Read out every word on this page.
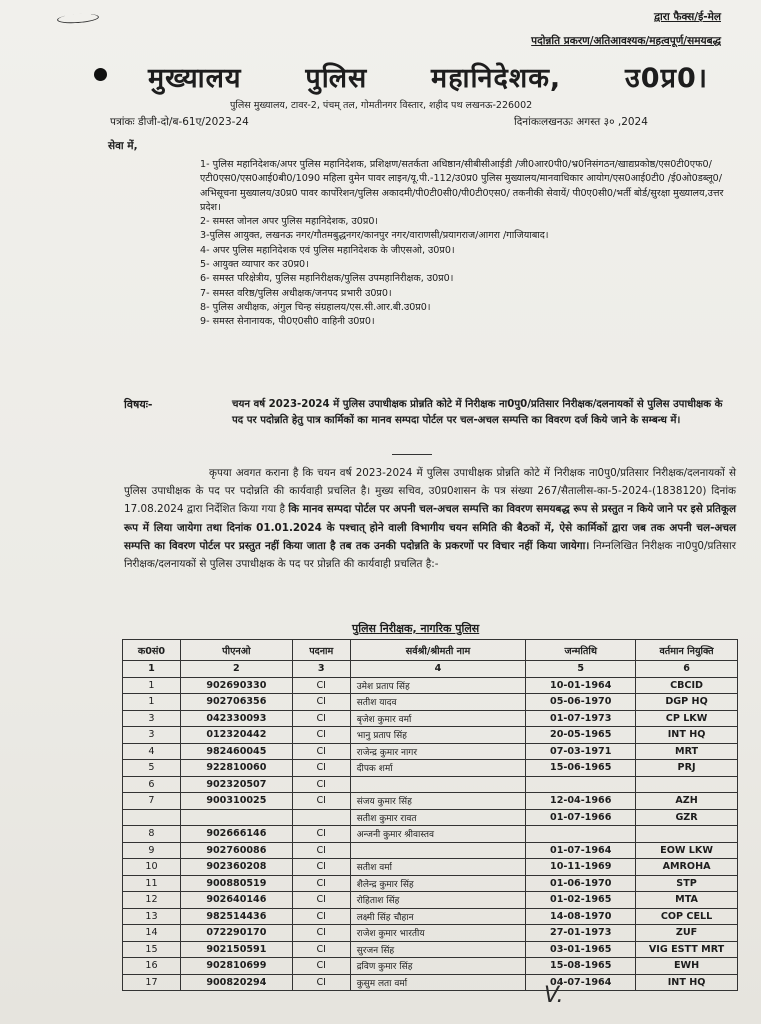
द्वारा फैक्स/ई-मेल
पदोन्नति प्रकरण/अतिआवश्यक/महत्वपूर्ण/समयबद्ध
मुख्यालय पुलिस महानिदेशक, उ0प्र0।
पुलिस मुख्यालय, टावर-2, पंचम् तल, गोमतीनगर विस्तार, शहीद पथ लखनऊ-226002
पत्रांकः डीजी-दो/ब-61ए/2023-24	दिनांकःलखनऊः अगस्त ३० ,2024
सेवा में,

1- पुलिस महानिदेशक/अपर पुलिस महानिदेशक, प्रशिक्षण/सतर्कता अधिष्ठान/सीबीसीआईडी /जी0आर0पी0/भ्र0निसंगठन/खाद्यप्रकोष्ठ/एस0टी0एफ0/एटी0एस0/एस0आई0बी0/1090 महिला वुमेन पावर लाइन/यू.पी.-112/उ0प्र0 पुलिस मुख्यालय/मानवाधिकार आयोग/एस0आई0टी0 /ई0ओ0डब्लू0/अभिसूचना मुख्यालय/उ0प्र0 पावर कार्पोरेशन/पुलिस अकादमी/पी0टी0सी0/पी0टी0एस0/ तकनीकी सेवायें/ पी0ए0सी0/भर्ती बोर्ड/सुरक्षा मुख्यालय,उत्तर प्रदेश।

2- समस्त जोनल अपर पुलिस महानिदेशक, उ0प्र0।

3-पुलिस आयुक्त, लखनऊ नगर/गौतमबुद्धनगर/कानपुर नगर/वाराणसी/प्रयागराज/आगरा /गाजियाबाद।

4- अपर पुलिस महानिदेशक एवं पुलिस महानिदेशक के जीएसओ, उ0प्र0।

5- आयुक्त व्यापार कर उ0प्र0।

6- समस्त परिक्षेत्रीय, पुलिस महानिरीक्षक/पुलिस उपमहानिरीक्षक, उ0प्र0।

7- समस्त वरिष्ठ/पुलिस अधीक्षक/जनपद प्रभारी उ0प्र0।

8- पुलिस अधीक्षक, अंगुल चिन्ह संग्रहालय/एस.सी.आर.बी.उ0प्र0।

9- समस्त सेनानायक, पी0ए0सी0 वाहिनी उ0प्र0।

विषयः-	चयन वर्ष 2023-2024 में पुलिस उपाधीक्षक प्रोन्नति कोटे में निरीक्षक ना0पु0/प्रतिसार निरीक्षक/दलनायकों से पुलिस उपाधीक्षक के पद पर पदोन्नति हेतु पात्र कार्मिकों का मानव सम्पदा पोर्टल पर चल-अचल सम्पत्ति का विवरण दर्ज किये जाने के सम्बन्ध में।
कृपया अवगत कराना है कि चयन वर्ष 2023-2024 में पुलिस उपाधीक्षक प्रोन्नति कोटे में निरीक्षक ना0पु0/प्रतिसार निरीक्षक/दलनायकों से पुलिस उपाधीक्षक के पद पर पदोन्नति की कार्यवाही प्रचलित है। मुख्य सचिव, उ0प्र0शासन के पत्र संख्या 267/सैतालीस-का-5-2024-(1838120) दिनांक 17.08.2024 द्वारा निर्देशित किया गया है कि मानव सम्पदा पोर्टल पर अपनी चल-अचल सम्पत्ति का विवरण समयबद्ध रूप से प्रस्तुत न किये जाने पर इसे प्रतिकूल रूप में लिया जायेगा तथा दिनांक 01.01.2024 के पश्चात् होने वाली विभागीय चयन समिति की बैठकों में, ऐसे कार्मिकों द्वारा जब तक अपनी चल-अचल सम्पत्ति का विवरण पोर्टल पर प्रस्तुत नहीं किया जाता है तब तक उनकी पदोन्नति के प्रकरणों पर विचार नहीं किया जायेगा। निम्नलिखित निरीक्षक ना0पु0/प्रतिसार निरीक्षक/दलनायकों से पुलिस उपाधीक्षक के पद पर प्रोन्नति की कार्यवाही प्रचलित है:-
पुलिस निरीक्षक, नागरिक पुलिस
क0सं0	पीएनओ	पदनाम	सर्वश्री/श्रीमती नाम	जन्मतिथि	वर्तमान नियुक्ति
1	2	3	4	5	6
1	902690330	CI	उमेश प्रताप सिंह	10-01-1964	CBCID
1	902706356	CI	सतीश यादव	05-06-1970	DGP HQ
3	042330093	CI	बृजेश कुमार वर्मा	01-07-1973	CP LKW
3	012320442	CI	भानु प्रताप सिंह	20-05-1965	INT HQ
4	982460045	CI	राजेन्द्र कुमार नागर	07-03-1971	MRT
5	922810060	CI	दीपक शर्मा	15-06-1965	PRJ
6	902320507	CI			
7	900310025	CI	संजय कुमार सिंह	12-04-1966	AZH
			सतीश कुमार रावत	01-07-1966	GZR
8	902666146	CI	अन्जनी कुमार श्रीवास्तव		
9	902760086	CI		01-07-1964	EOW LKW
10	902360208	CI	सतीश वर्मा	10-11-1969	AMROHA
11	900880519	CI	शैलेन्द्र कुमार सिंह	01-06-1970	STP
12	902640146	CI	रोहिताश सिंह	01-02-1965	MTA
13	982514436	CI	लक्ष्मी सिंह चौहान	14-08-1970	COP CELL
14	072290170	CI	राजेश कुमार भारतीय	27-01-1973	ZUF
15	902150591	CI	सुरजन सिंह	03-01-1965	VIG ESTT MRT
16	902810699	CI	द्रविण कुमार सिंह	15-08-1965	EWH
17	900820294	CI	कुसुम लता वर्मा	04-07-1964	INT HQ
V.
